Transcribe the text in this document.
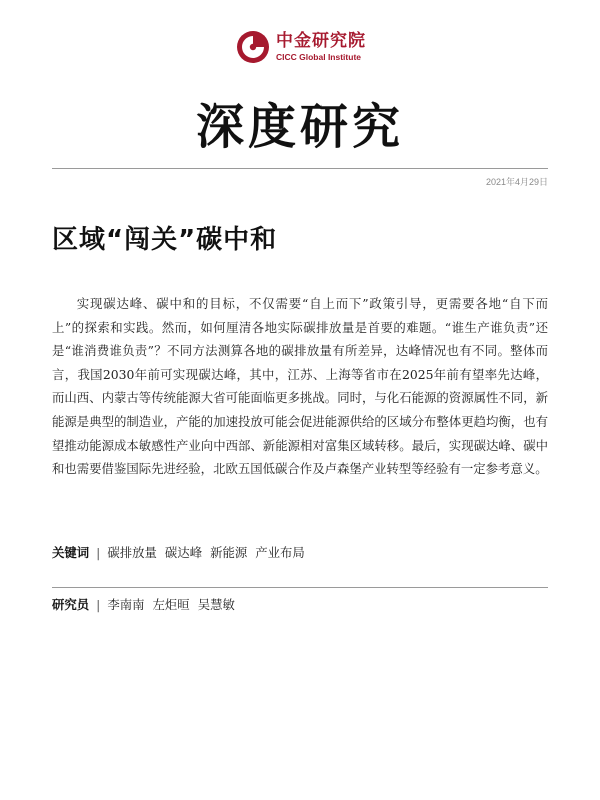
中金研究院
CICC Global Institute
深度研究
2021年4月29日
区域“闯关”碳中和

实现碳达峰、碳中和的目标，不仅需要“自上而下”政策引导，更需要各地“自下而上”的探索和实践。然而，如何厘清各地实际碳排放量是首要的难题。“谁生产谁负责”还是“谁消费谁负责”？不同方法测算各地的碳排放量有所差异，达峰情况也有不同。整体而言，我国2030年前可实现碳达峰，其中，江苏、上海等省市在2025年前有望率先达峰，而山西、内蒙古等传统能源大省可能面临更多挑战。同时，与化石能源的资源属性不同，新能源是典型的制造业，产能的加速投放可能会促进能源供给的区域分布整体更趋均衡，也有望推动能源成本敏感性产业向中西部、新能源相对富集区域转移。最后，实现碳达峰、碳中和也需要借鉴国际先进经验，北欧五国低碳合作及卢森堡产业转型等经验有一定参考意义。

关键词 | 碳排放量 碳达峰 新能源 产业布局
研究员 | 李南南 左炬晅 吴慧敏
